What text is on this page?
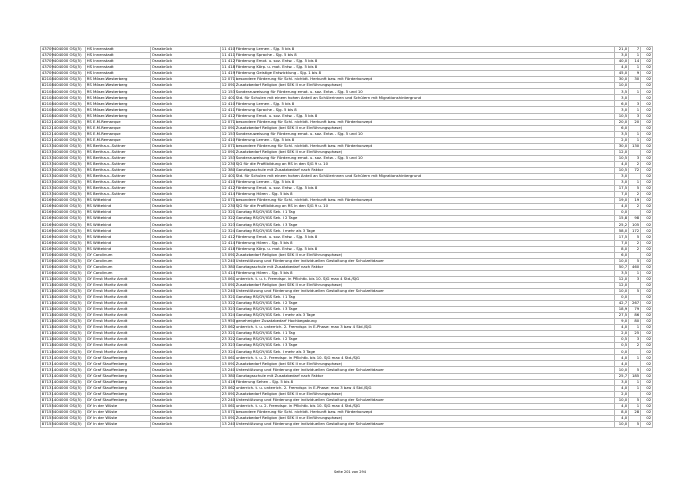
43709	404000 OS/(5)	HS Innenstadt	Osnabrück	11 410	Förderung Lernen - Sjg. 5 bis 8	21,0	7	02
43709	404000 OS/(5)	HS Innenstadt	Osnabrück	11 411	Förderung Sprache - Sjg. 5 bis 8	3,0	1	02
43709	404000 OS/(5)	HS Innenstadt	Osnabrück	11 412	Förderung Emot. u. soz. Entw. - Sjg. 5 bis 8	40,0	14	02
43709	404000 OS/(5)	HS Innenstadt	Osnabrück	11 418	Förderung Körp. u. mot. Entw. - Sjg. 5 bis 8	4,0	1	02
43709	404000 OS/(5)	HS Innenstadt	Osnabrück	11 419	Förderung Geistige Entwicklung - Sjg. 1 bis 8	45,0	9	02
82108	404000 OS/(5)	RS Möser-Westerberg	Osnabrück	12 071	besondere Förderung für Schl. nichtdt. Herkunft bzw. mit Förderkonzept	30,0	30	02
82108	404000 OS/(5)	RS Möser-Westerberg	Osnabrück	12 091	Zusatzbedarf Religion (bei SEK II nur Einführungsphase)	10,0		02
82108	404000 OS/(5)	RS Möser-Westerberg	Osnabrück	12 153	Sonderzuweisung für Förderung emot. u. soz. Entw. - Sjg. 5 und 10	3,5	1	02
82108	404000 OS/(5)	RS Möser-Westerberg	Osnabrück	12 401	Std. für Schulen mit einem hohen Anteil an Schülerinnen und Schülern mit Migrationshintergrund	3,0		02
82108	404000 OS/(5)	RS Möser-Westerberg	Osnabrück	12 410	Förderung Lernen - Sjg. 5 bis 8	6,0	3	02
82108	404000 OS/(5)	RS Möser-Westerberg	Osnabrück	12 411	Förderung Sprache - Sjg. 5 bis 8	3,0	1	02
82108	404000 OS/(5)	RS Möser-Westerberg	Osnabrück	12 412	Förderung Emot. u. soz. Entw. - Sjg. 5 bis 8	10,5	3	02
82121	404000 OS/(5)	RS E.M.Remarque	Osnabrück	12 071	besondere Förderung für Schl. nichtdt. Herkunft bzw. mit Förderkonzept	20,0	20	02
82121	404000 OS/(5)	RS E.M.Remarque	Osnabrück	12 091	Zusatzbedarf Religion (bei SEK II nur Einführungsphase)	6,0		02
82121	404000 OS/(5)	RS E.M.Remarque	Osnabrück	12 153	Sonderzuweisung für Förderung emot. u. soz. Entw. - Sjg. 5 und 10	3,5	1	02
82121	404000 OS/(5)	RS E.M.Remarque	Osnabrück	12 410	Förderung Lernen - Sjg. 5 bis 8	2,0	1	02
82133	404000 OS/(5)	RS Bertha-v.-Suttner	Osnabrück	12 071	besondere Förderung für Schl. nichtdt. Herkunft bzw. mit Förderkonzept	30,0	130	02
82133	404000 OS/(5)	RS Bertha-v.-Suttner	Osnabrück	12 091	Zusatzbedarf Religion (bei SEK II nur Einführungsphase)	12,0		02
82133	404000 OS/(5)	RS Bertha-v.-Suttner	Osnabrück	12 153	Sonderzuweisung für Förderung emot. u. soz. Entw. - Sjg. 5 und 10	10,5	3	02
82133	404000 OS/(5)	RS Bertha-v.-Suttner	Osnabrück	12 230	SJG für die Profilbildung an RS in den SJG 9 u. 10	4,0	2	02
82133	404000 OS/(5)	RS Bertha-v.-Suttner	Osnabrück	12 380	Ganztagsschule mit Zusatzbedarf nach Faktor	10,5	72	02
82133	404000 OS/(5)	RS Bertha-v.-Suttner	Osnabrück	12 401	Std. für Schulen mit einem hohen Anteil an Schülerinnen und Schülern mit Migrationshintergrund	3,0		02
82133	404000 OS/(5)	RS Bertha-v.-Suttner	Osnabrück	12 410	Förderung Lernen - Sjg. 5 bis 8	3,0	1	02
82133	404000 OS/(5)	RS Bertha-v.-Suttner	Osnabrück	12 412	Förderung Emot. u. soz. Entw. - Sjg. 5 bis 8	17,5	5	02
82133	404000 OS/(5)	RS Bertha-v.-Suttner	Osnabrück	12 414	Förderung Hören - Sjg. 5 bis 8	7,0	2	02
82169	404000 OS/(5)	RS Wittekind	Osnabrück	12 071	besondere Förderung für Schl. nichtdt. Herkunft bzw. mit Förderkonzept	19,0	19	02
82169	404000 OS/(5)	RS Wittekind	Osnabrück	12 230	SJG für die Profilbildung an RS in den SJG 9 u. 10	4,0	2	02
82169	404000 OS/(5)	RS Wittekind	Osnabrück	12 321	Ganztag RS/GY/IGS Sek. I 1 Tag	0,0		02
82169	404000 OS/(5)	RS Wittekind	Osnabrück	12 322	Ganztag RS/GY/IGS Sek. I 2 Tage	15,8	98	02
82169	404000 OS/(5)	RS Wittekind	Osnabrück	12 323	Ganztag RS/GY/IGS Sek. I 3 Tage	25,2	105	02
82169	404000 OS/(5)	RS Wittekind	Osnabrück	12 324	Ganztag RS/GY/IGS Sek. I mehr als 3 Tage	58,0	172	02
82169	404000 OS/(5)	RS Wittekind	Osnabrück	12 412	Förderung Emot. u. soz. Entw. - Sjg. 5 bis 8	17,5	5	02
82169	404000 OS/(5)	RS Wittekind	Osnabrück	12 414	Förderung Hören - Sjg. 5 bis 8	7,0	2	02
82169	404000 OS/(5)	RS Wittekind	Osnabrück	12 418	Förderung Körp. u. mot. Entw. - Sjg. 5 bis 8	8,0	2	02
87106	404000 OS/(5)	GY Carolinum	Osnabrück	13 091	Zusatzbedarf Religion (bei SEK II nur Einführungsphase)	6,0		02
87106	404000 OS/(5)	GY Carolinum	Osnabrück	13 240	Unterstützung und Förderung der individuellen Gestaltung der Schulzeitdauer	10,0	5	02
87106	404000 OS/(5)	GY Carolinum	Osnabrück	13 380	Ganztagsschule mit Zusatzbedarf nach Faktor	50,7	460	02
87106	404000 OS/(5)	GY Carolinum	Osnabrück	13 414	Förderung Hören - Sjg. 5 bis 8	3,5	1	02
87118	404000 OS/(5)	GY Ernst Moritz Arndt	Osnabrück	13 061	unterrich. t. u. t. Fremdspr. in Pflichtb. bis 10. SJG max 4 Std./SJG	12,0	3	02
87118	404000 OS/(5)	GY Ernst Moritz Arndt	Osnabrück	13 091	Zusatzbedarf Religion (bei SEK II nur Einführungsphase)	12,0		02
87118	404000 OS/(5)	GY Ernst Moritz Arndt	Osnabrück	13 240	Unterstützung und Förderung der individuellen Gestaltung der Schulzeitdauer	10,0	5	02
87118	404000 OS/(5)	GY Ernst Moritz Arndt	Osnabrück	13 321	Ganztag RS/GY/IGS Sek. I 1 Tag	0,0		02
87118	404000 OS/(5)	GY Ernst Moritz Arndt	Osnabrück	13 322	Ganztag RS/GY/IGS Sek. I 2 Tage	42,7	267	02
87118	404000 OS/(5)	GY Ernst Moritz Arndt	Osnabrück	13 323	Ganztag RS/GY/IGS Sek. I 3 Tage	18,9	79	02
87118	404000 OS/(5)	GY Ernst Moritz Arndt	Osnabrück	13 324	Ganztag RS/GY/IGS Sek. I mehr als 3 Tage	27,5	86	02
87118	404000 OS/(5)	GY Ernst Moritz Arndt	Osnabrück	13 950	genehmigter Zusatzbedarf Hochbegabung	9,0	80	02
87118	404000 OS/(5)	GY Ernst Moritz Arndt	Osnabrück	23 062	unterrich. t. u. unterrich. 2. Fremdspr. in E-Phase: max 3 bzw 4 Std./SJG	4,0	1	02
87118	404000 OS/(5)	GY Ernst Moritz Arndt	Osnabrück	23 321	Ganztag RS/GY/IGS Sek. I 1 Tag	2,0	25	02
87118	404000 OS/(5)	GY Ernst Moritz Arndt	Osnabrück	23 322	Ganztag RS/GY/IGS Sek. I 2 Tage	0,5	3	02
87118	404000 OS/(5)	GY Ernst Moritz Arndt	Osnabrück	23 323	Ganztag RS/GY/IGS Sek. I 3 Tage	0,5	2	02
87118	404000 OS/(5)	GY Ernst Moritz Arndt	Osnabrück	23 324	Ganztag RS/GY/IGS Sek. I mehr als 3 Tage	0,0		02
87131	404000 OS/(5)	GY Graf Stauffenberg	Osnabrück	13 061	unterrich. t. u. 2. Fremdspr. in Pflichtb. bis 10. SJG max 4 Std./SJG	4,0	1	02
87131	404000 OS/(5)	GY Graf Stauffenberg	Osnabrück	13 091	Zusatzbedarf Religion (bei SEK II nur Einführungsphase)	4,0		02
87131	404000 OS/(5)	GY Graf Stauffenberg	Osnabrück	13 240	Unterstützung und Förderung der individuellen Gestaltung der Schulzeitdauer	10,0	5	02
87131	404000 OS/(5)	GY Graf Stauffenberg	Osnabrück	13 380	Ganztagsschule mit Zusatzbedarf nach Faktor	25,7	185	02
87131	404000 OS/(5)	GY Graf Stauffenberg	Osnabrück	13 416	Förderung Sehen - Sjg. 5 bis 8	3,0	1	02
87131	404000 OS/(5)	GY Graf Stauffenberg	Osnabrück	23 062	unterrich. t. u. unterrich. 2. Fremdspr. in E-Phase: max 3 bzw 4 Std./SJG	4,0	1	02
87131	404000 OS/(5)	GY Graf Stauffenberg	Osnabrück	23 091	Zusatzbedarf Religion (bei SEK II nur Einführungsphase)	2,0		02
87131	404000 OS/(5)	GY Graf Stauffenberg	Osnabrück	23 240	Unterstützung und Förderung der individuellen Gestaltung der Schulzeitdauer	10,0	5	02
87155	404000 OS/(5)	GY In der Wüste	Osnabrück	13 061	unterrich. t. u. 2. Fremdspr. in Pflichtb. bis 10. SJG max 4 Std./SJG	4,0	1	02
87155	404000 OS/(5)	GY In der Wüste	Osnabrück	13 071	besondere Förderung für Schl. nichtdt. Herkunft bzw. mit Förderkonzept	8,0	28	02
87155	404000 OS/(5)	GY In der Wüste	Osnabrück	13 091	Zusatzbedarf Religion (bei SEK II nur Einführungsphase)	4,0		02
87155	404000 OS/(5)	GY In der Wüste	Osnabrück	13 240	Unterstützung und Förderung der individuellen Gestaltung der Schulzeitdauer	10,0	5	02
Seite 201 von 294
